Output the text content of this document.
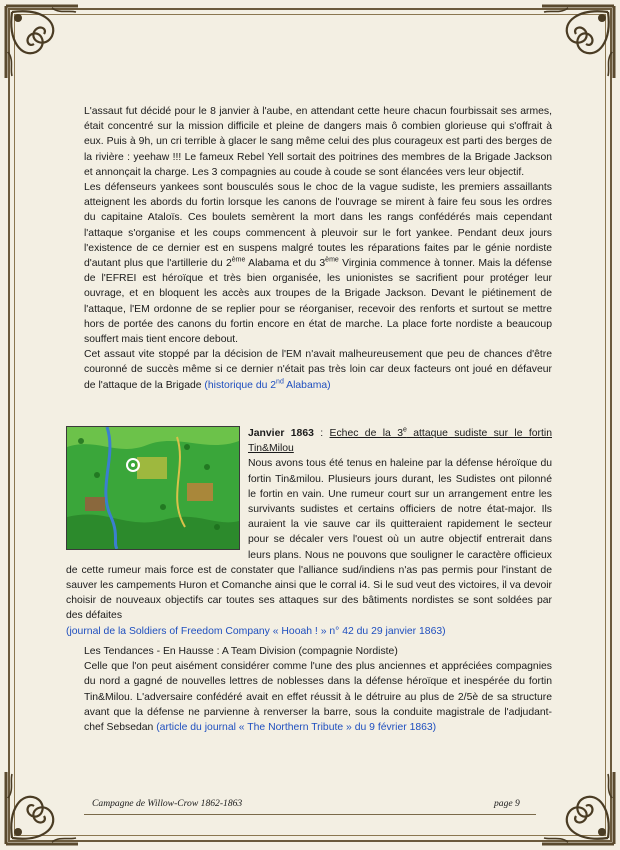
L'assaut fut décidé pour le 8 janvier à l'aube, en attendant cette heure chacun fourbissait ses armes, était concentré sur la mission difficile et pleine de dangers mais ô combien glorieuse qui s'offrait à eux. Puis à 9h, un cri terrible à glacer le sang même celui des plus courageux est parti des berges de la rivière : yeehaw !!! Le fameux Rebel Yell sortait des poitrines des membres de la Brigade Jackson et annonçait la charge. Les 3 compagnies au coude à coude se sont élancées vers leur objectif.

Les défenseurs yankees sont bousculés sous le choc de la vague sudiste, les premiers assaillants atteignent les abords du fortin lorsque les canons de l'ouvrage se mirent à faire feu sous les ordres du capitaine Ataloïs. Ces boulets semèrent la mort dans les rangs confédérés mais cependant l'attaque s'organise et les coups commencent à pleuvoir sur le fort yankee. Pendant deux jours l'existence de ce dernier est en suspens malgré toutes les réparations faites par le génie nordiste d'autant plus que l'artillerie du 2ème Alabama et du 3ème Virginia commence à tonner. Mais la défense de l'EFREI est héroïque et très bien organisée, les unionistes se sacrifient pour protéger leur ouvrage, et en bloquent les accès aux troupes de la Brigade Jackson. Devant le piétinement de l'attaque, l'EM ordonne de se replier pour se réorganiser, recevoir des renforts et surtout se mettre hors de portée des canons du fortin encore en état de marche. La place forte nordiste a beaucoup souffert mais tient encore debout.

Cet assaut vite stoppé par la décision de l'EM n'avait malheureusement que peu de chances d'être couronné de succès même si ce dernier n'était pas très loin car deux facteurs ont joué en défaveur de l'attaque de la Brigade (historique du 2nd Alabama)

Janvier 1863 : Echec de la 3e attaque sudiste sur le fortin Tin&Milou
Nous avons tous été tenus en haleine par la défense héroïque du fortin Tin&milou. Plusieurs jours durant, les Sudistes ont pilonné le fortin en vain. Une rumeur court sur un arrangement entre les survivants sudistes et certains officiers de notre état-major. Ils auraient la vie sauve car ils quitteraient rapidement le secteur pour se décaler vers l'ouest où un autre objectif entrerait dans leurs plans. Nous ne pouvons que souligner le caractère officieux de cette rumeur mais force est de constater que l'alliance sud/indiens n'as pas permis pour l'instant de sauver les campements Huron et Comanche ainsi que le corral i4. Si le sud veut des victoires, il va devoir choisir de nouveaux objectifs car toutes ses attaques sur des bâtiments nordistes se sont soldées par des défaites
(journal de la Soldiers of Freedom Company « Hooah ! » n° 42 du 29 janvier 1863)
Les Tendances - En Hausse : A Team Division (compagnie Nordiste)
Celle que l'on peut aisément considérer comme l'une des plus anciennes et appréciées compagnies du nord a gagné de nouvelles lettres de noblesses dans la défense héroïque et inespérée du fortin Tin&Milou. L'adversaire confédéré avait en effet réussit à le détruire au plus de 2/5è de sa structure avant que la défense ne parvienne à renverser la barre, sous la conduite magistrale de l'adjudant-chef Sebsedan (article du journal « The Northern Tribute » du 9 février 1863)
Campagne de Willow-Crow 1862-1863	page 9
